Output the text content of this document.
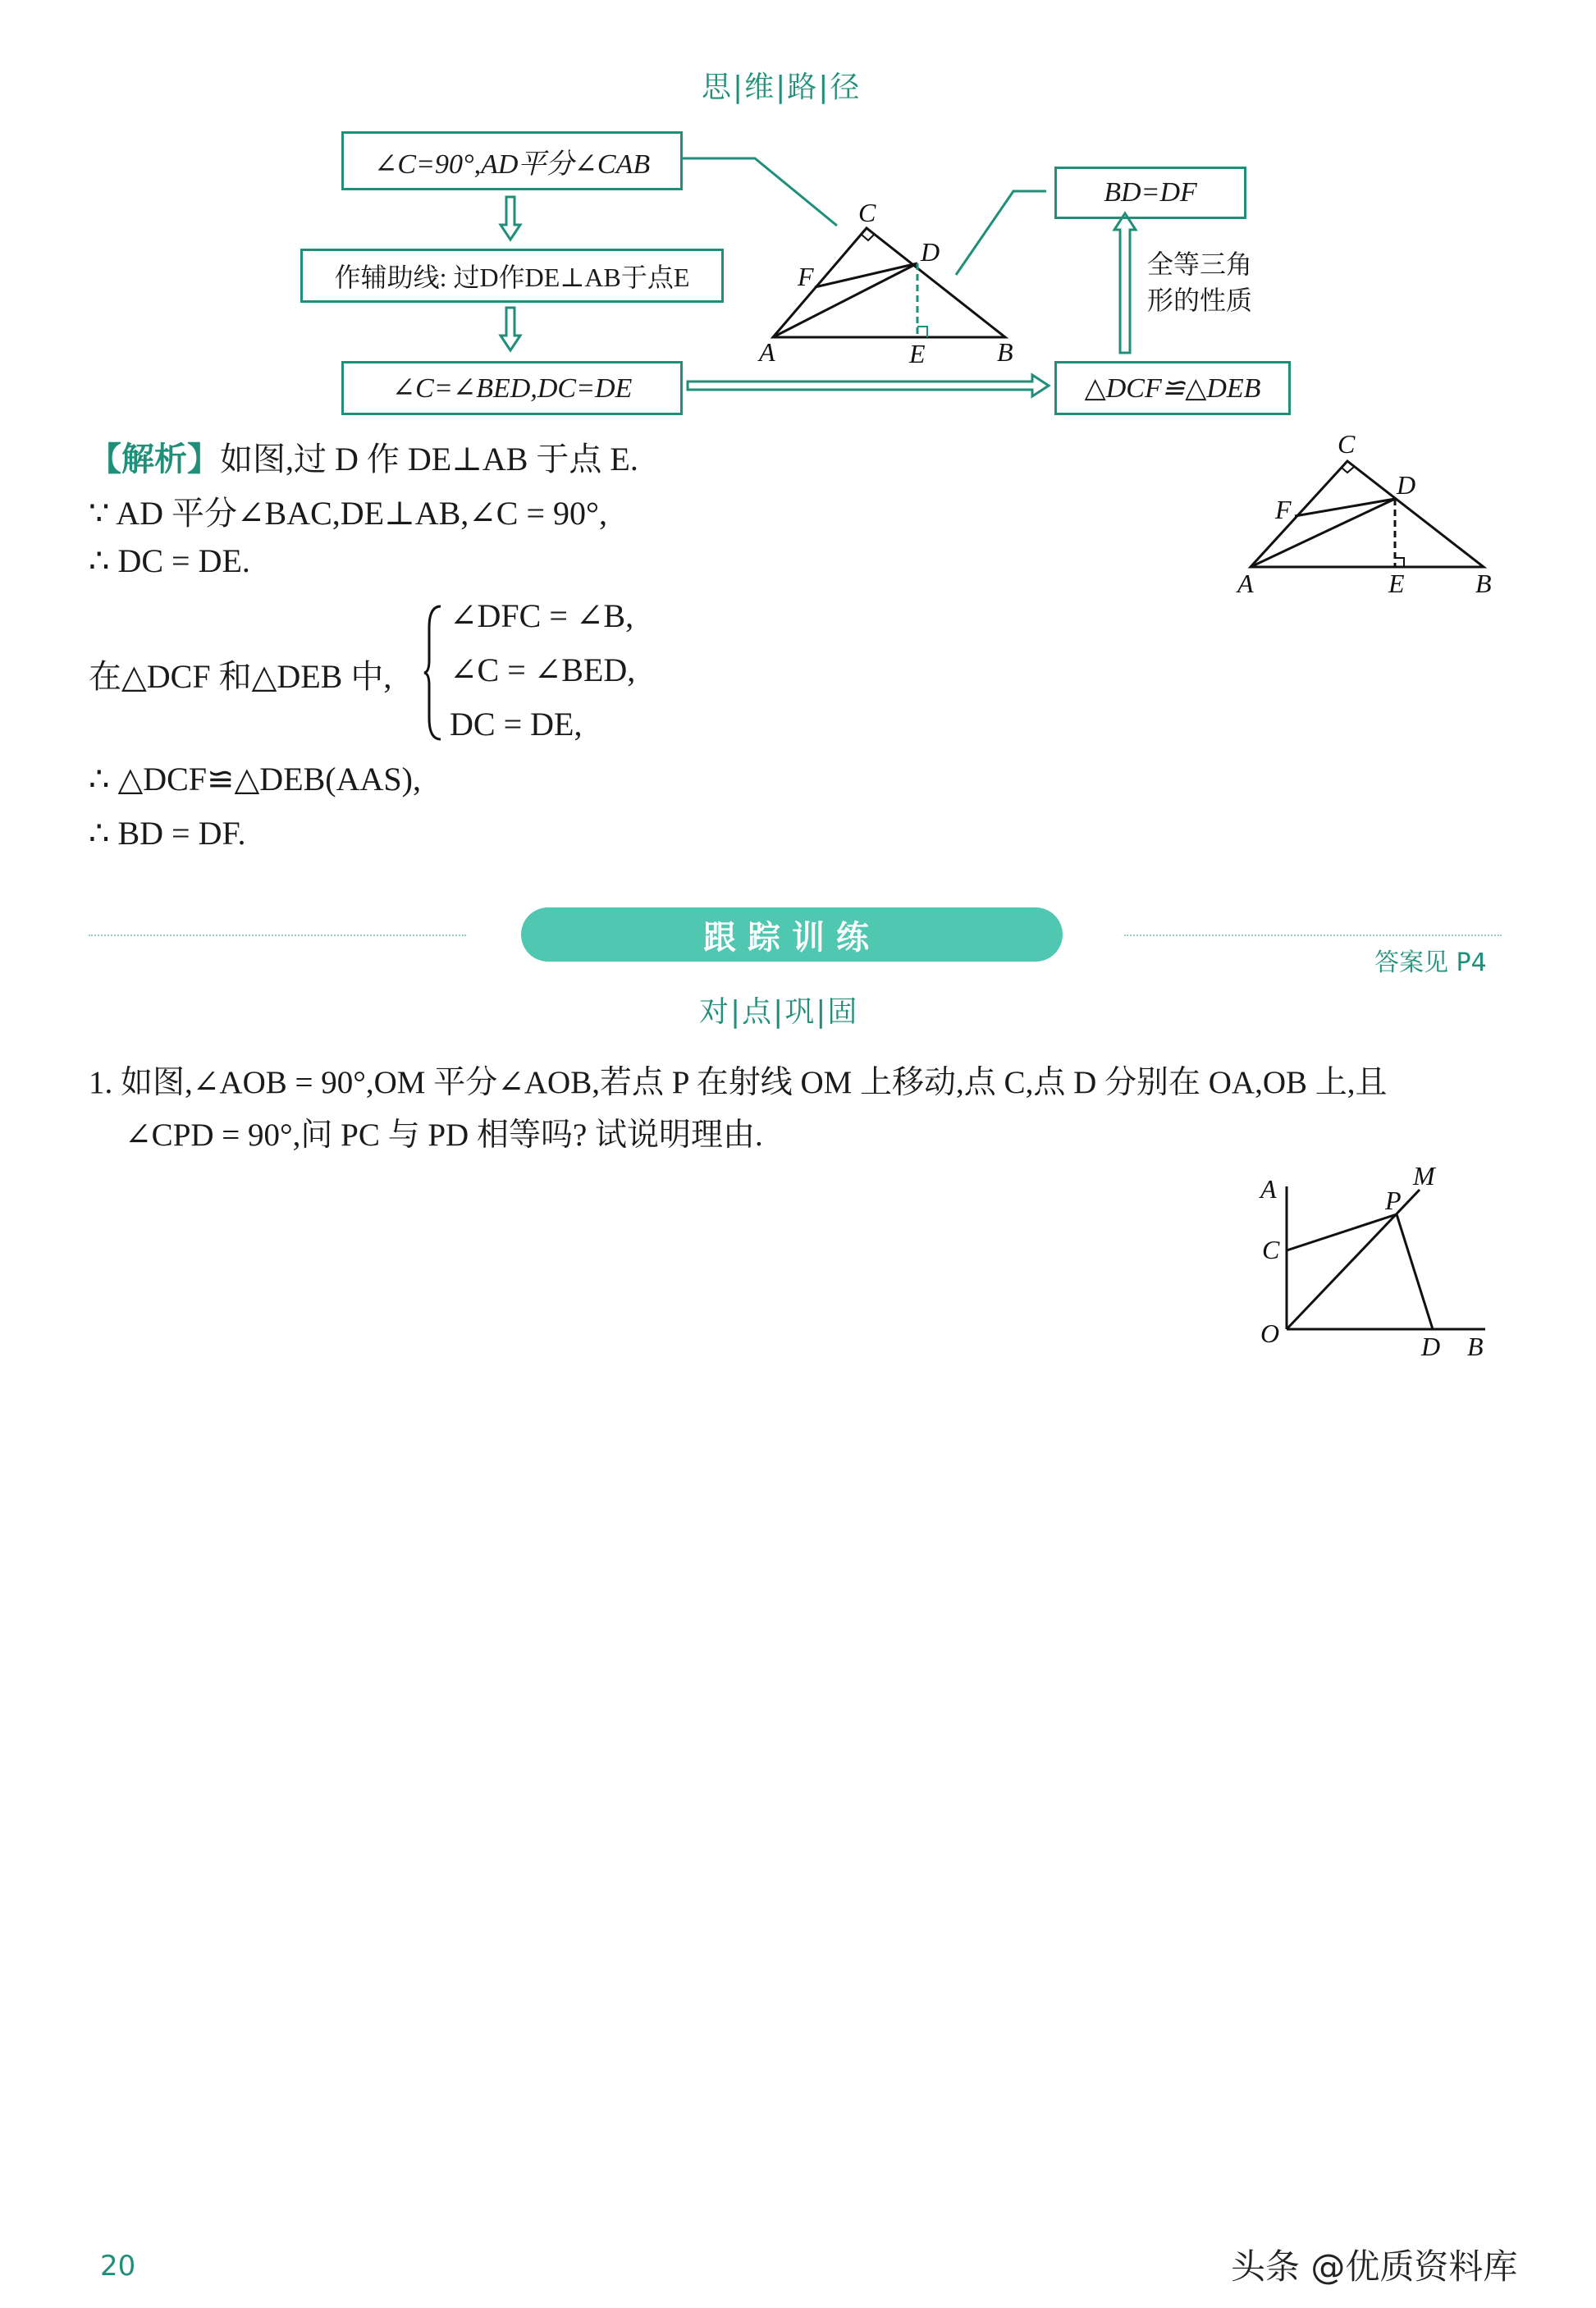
思|维|路|径
∠C=90°,AD平分∠CAB
作辅助线: 过D作DE⊥AB于点E
∠C=∠BED,DC=DE	△DCF≌△DEB
BD=DF
全等三角
形的性质
C
D
F
A	E	B
【解析】如图,过 D 作 DE⊥AB 于点 E.
∵ AD 平分∠BAC,DE⊥AB,∠C = 90°,
∴ DC = DE.
在△DCF 和△DEB 中,
∠DFC = ∠B,
∠C = ∠BED,
DC = DE,
∴ △DCF≌△DEB(AAS),
∴ BD = DF.
C
D
F
A	E	B
跟踪训练
答案见 P4
对|点|巩|固
1. 如图,∠AOB = 90°,OM 平分∠AOB,若点 P 在射线 OM 上移动,点 C,点 D 分别在 OA,OB 上,且
∠CPD = 90°,问 PC 与 PD 相等吗? 试说明理由.
A	M
P
C
O	D B
20	头条 @优质资料库
